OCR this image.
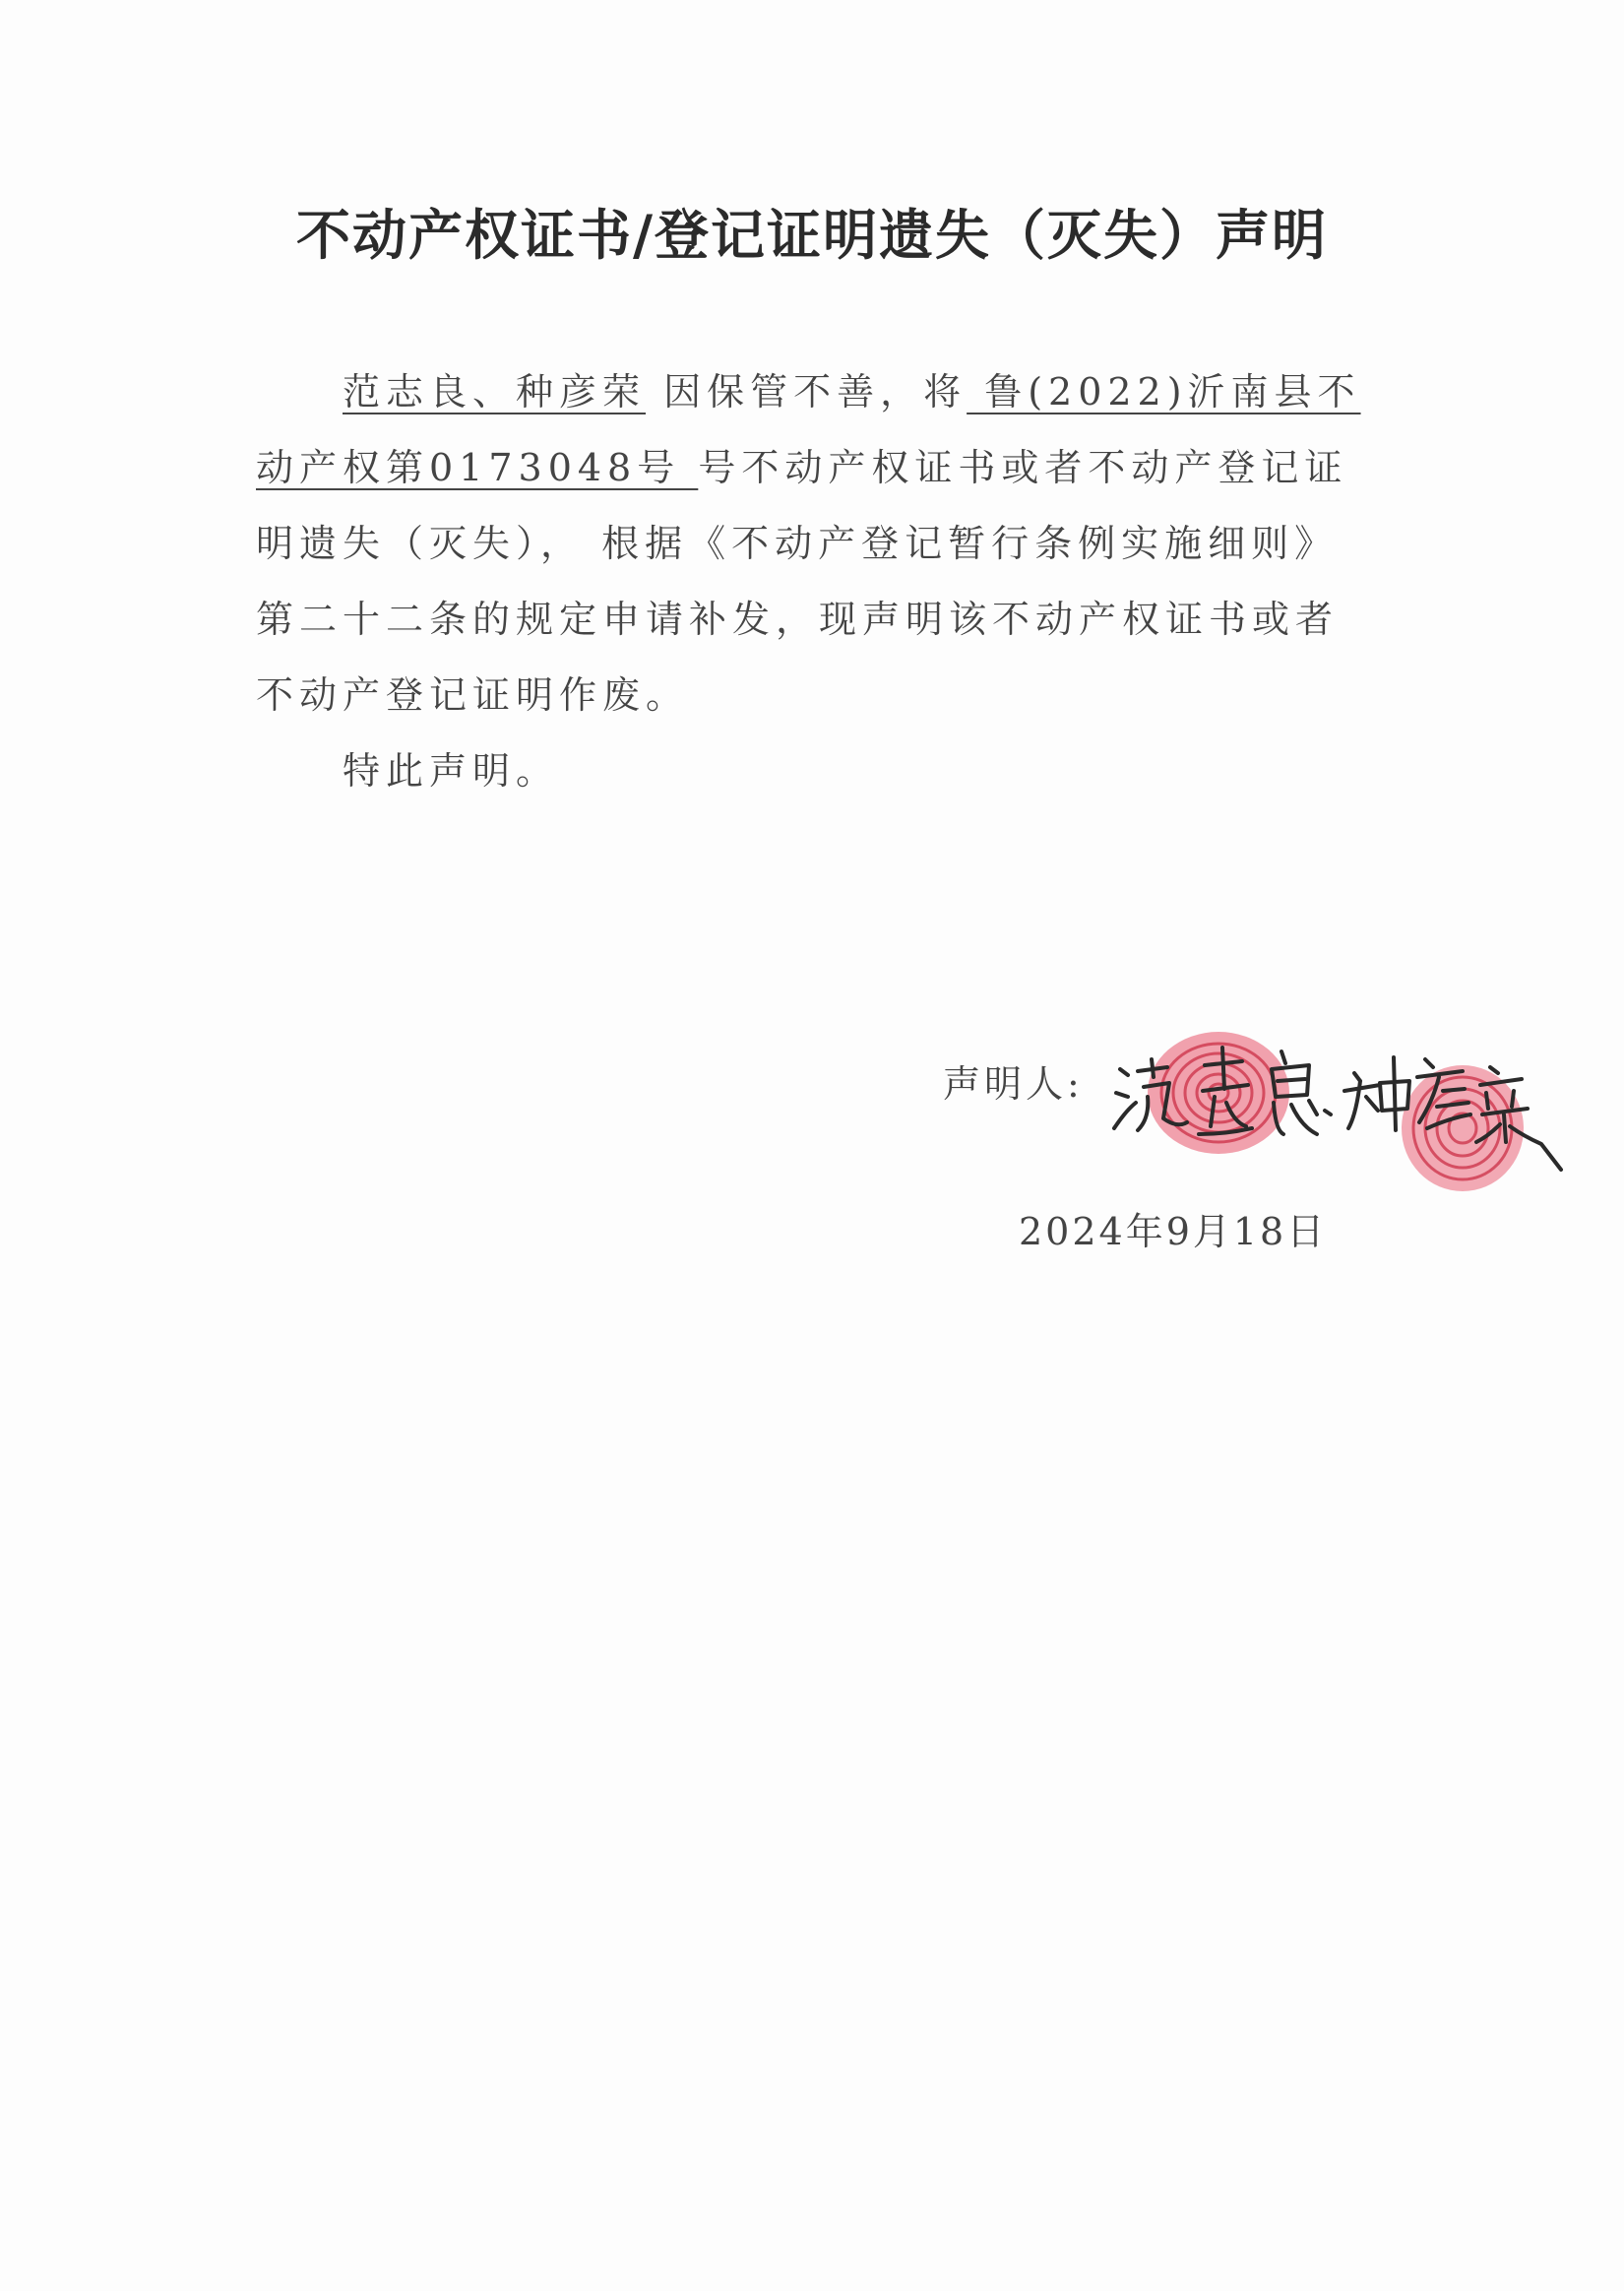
不动产权证书/登记证明遗失（灭失）声明

范志良、种彦荣 因保管不善，将 鲁(2022)沂南县不动产权第0173048号 号不动产权证书或者不动产登记证明遗失（灭失）， 根据《不动产登记暂行条例实施细则》第二十二条的规定申请补发，现声明该不动产权证书或者不动产登记证明作废。

特此声明。

声明人:
2024年9月18日
